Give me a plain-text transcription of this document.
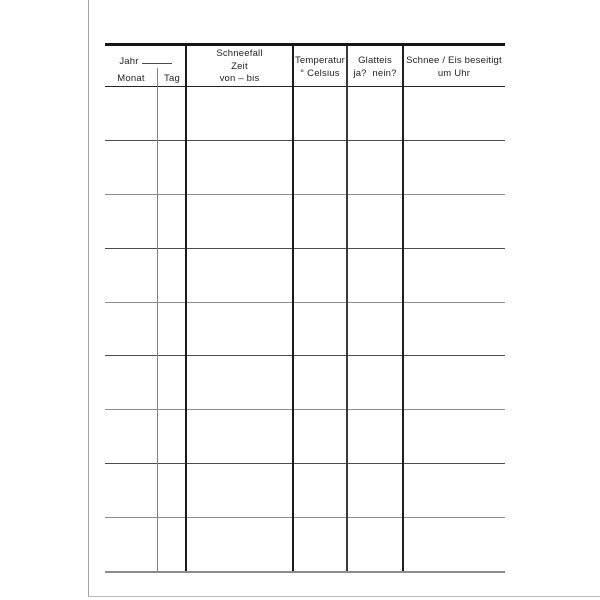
Jahr
Monat	Tag
Schneefall
Zeit
von – bis
Temperatur
° Celsius
Glatteis
ja?  nein?
Schnee / Eis beseitigt
um Uhr
